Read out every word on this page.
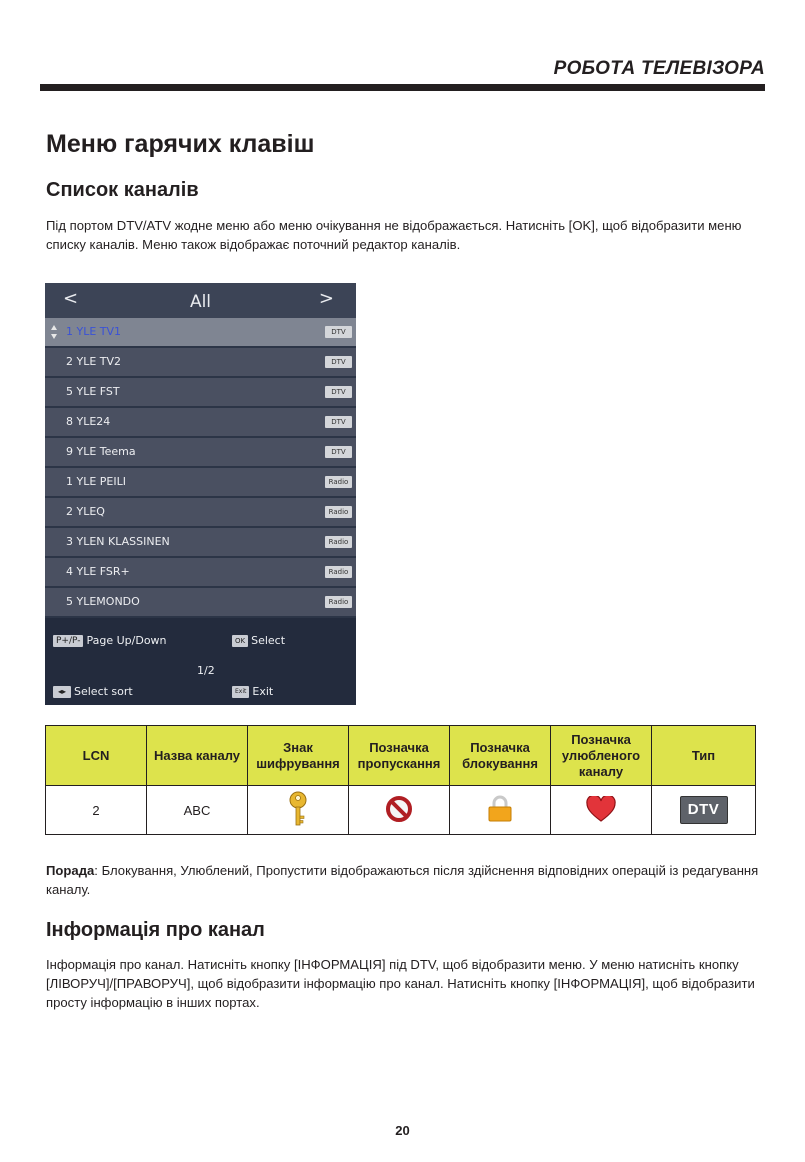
РОБОТА ТЕЛЕВІЗОРА
Меню гарячих клавіш
Список каналів

Під портом DTV/ATV жодне меню або меню очікування не відображається. Натисніть [OK], щоб відобразити меню списку каналів. Меню також відображає поточний редактор каналів.

<	All	>
1 YLE TV1	DTV
2 YLE TV2	DTV
5 YLE FST	DTV
8 YLE24	DTV
9 YLE Teema	DTV
1 YLE PEILI	Radio
2 YLEQ	Radio
3 YLEN KLASSINEN	Radio
4 YLE FSR+	Radio
5 YLEMONDO	Radio
P+/P- Page Up/Down	OK Select
1/2
◂▸ Select sort	Exit Exit
LCN	Назва каналу	Знак шифрування	Позначка пропускання	Позначка блокування	Позначка улюбленого каналу	Тип
2	ABC					DTV

Порада: Блокування, Улюблений, Пропустити відображаються після здійснення відповідних операцій із редагування каналу.

Інформація про канал

Інформація про канал. Натисніть кнопку [ІНФОРМАЦІЯ] під DTV, щоб відобразити меню. У меню натисніть кнопку [ЛІВОРУЧ]/[ПРАВОРУЧ], щоб відобразити інформацію про канал. Натисніть кнопку [ІНФОРМАЦІЯ], щоб відобразити просту інформацію в інших портах.

20
